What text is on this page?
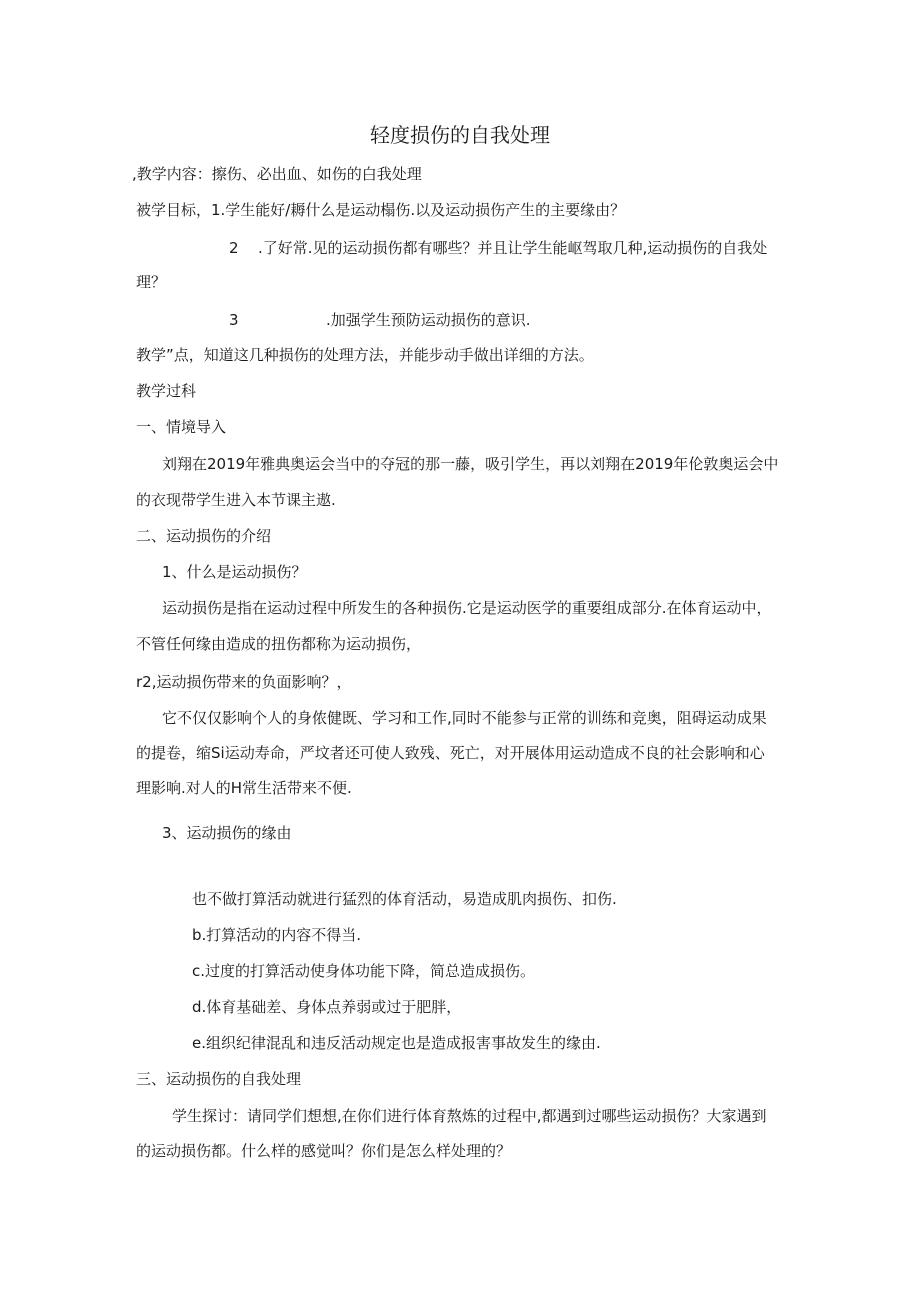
轻度损伤的自我处理
,教学内容：擦伤、必出血、如伤的白我处理
被学目标，1.学生能好/耨什么是运动榻伤.以及运动损伤产生的主要缘由？
2 .了好常.见的运动损伤都有哪些？并且让学生能岖驾取几种,运动损伤的自我处
理？
3	.加强学生预防运动损伤的意识.
教学”点，知道这几种损伤的处理方法，并能步动手做出详细的方法。
教学过科
一、情境导入
刘翔在2019年雅典奥运会当中的夺冠的那一藤，吸引学生，再以刘翔在2019年伦敦奥运会中
的衣现带学生进入本节课主遨.
二、运动损伤的介绍
1、什么是运动损伤？
运动损伤是指在运动过程中所发生的各种损伤.它是运动医学的重要组成部分.在体育运动中，
不管任何缘由造成的扭伤都称为运动损伤，
r2,运动损伤带来的负面影响？，
它不仅仅影响个人的身侬健既、学习和工作,同时不能参与正常的训练和竞奥，阻碍运动成果
的提卷，缩Si运动寿命，严坟者还可使人致残、死亡，对开展体用运动造成不良的社会影响和心
理影响.对人的H常生活带来不便.
3、运动损伤的缘由
也不做打算活动就进行猛烈的体育活动，易造成肌肉损伤、扣伤.
b.打算活动的内容不得当.
c.过度的打算活动使身体功能下降，简总造成损伤。
d.体育基础差、身体点养弱或过于肥胖，
e.组织纪律混乱和违反活动规定也是造成报害事故发生的缘由.
三、运动损伤的自我处理
学生探讨：请同学们想想,在你们进行体育熬炼的过程中,都遇到过哪些运动损伤？大家遇到
的运动损伤都。什么样的感觉叫？你们是怎么样处理的？
